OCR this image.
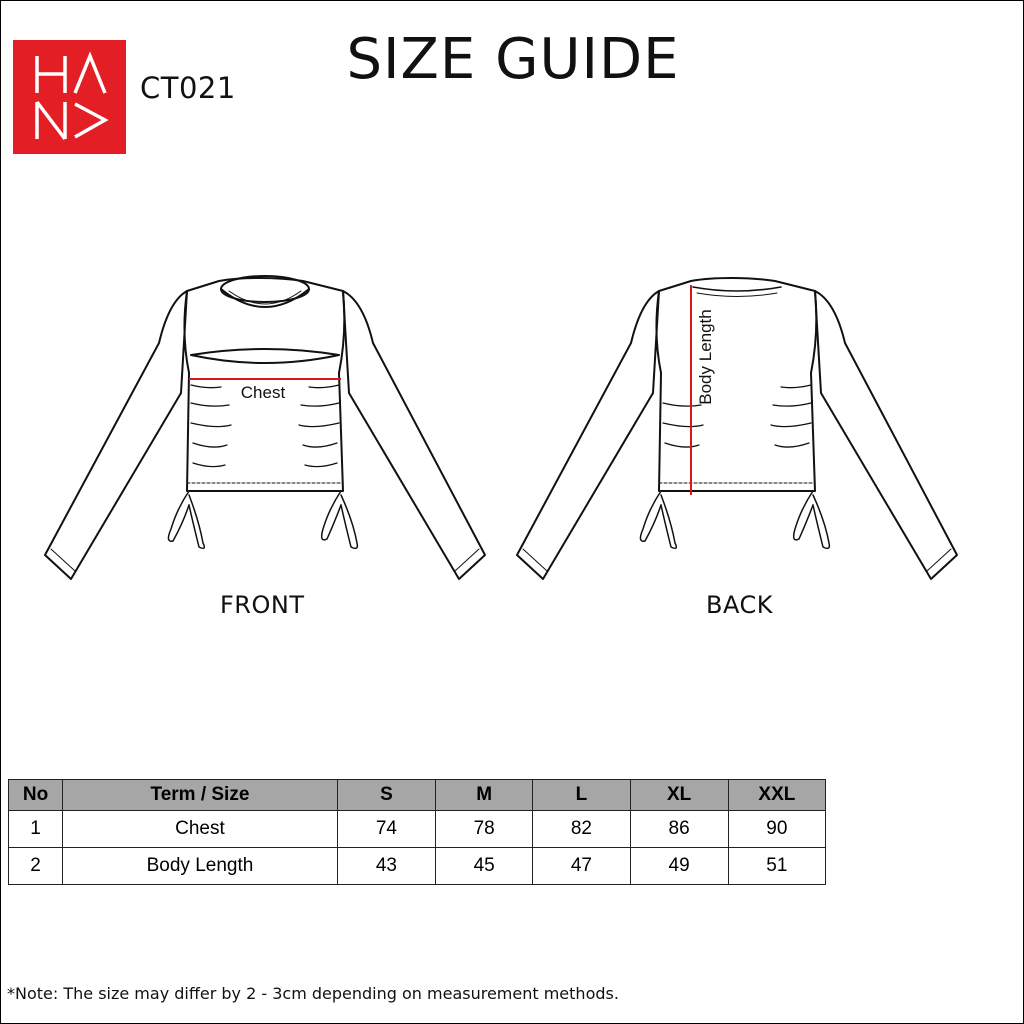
CT021	SIZE GUIDE
Chest	Body Length
FRONT	BACK
No	Term / Size	S	M	L	XL	XXL
1	Chest	74	78	82	86	90
2	Body Length	43	45	47	49	51
*Note: The size may differ by 2 - 3cm depending on measurement methods.
